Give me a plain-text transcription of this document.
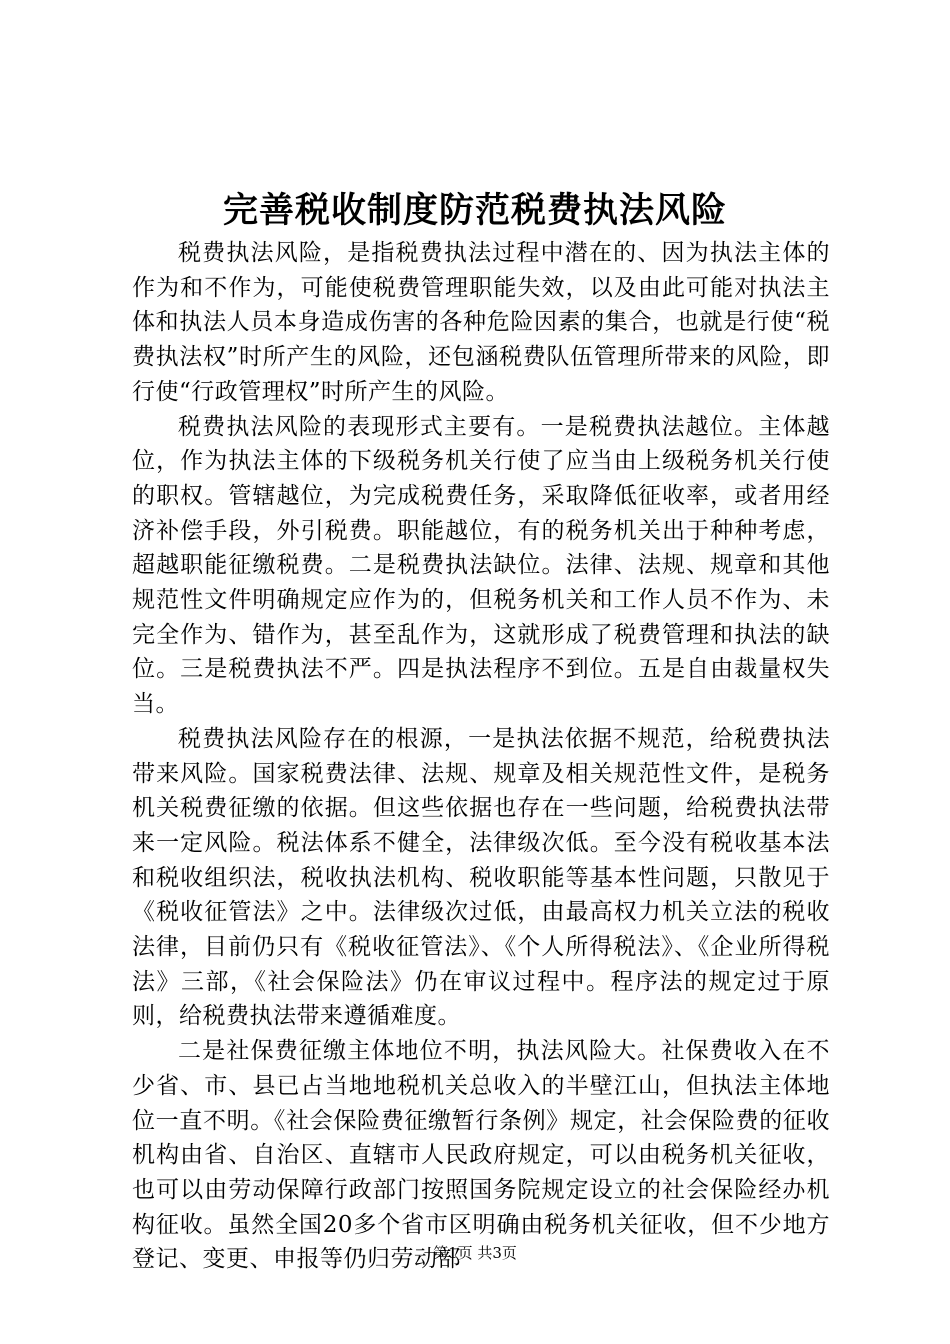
完善税收制度防范税费执法风险

税费执法风险，是指税费执法过程中潜在的、因为执法主体的作为和不作为，可能使税费管理职能失效，以及由此可能对执法主体和执法人员本身造成伤害的各种危险因素的集合，也就是行使“税费执法权”时所产生的风险，还包涵税费队伍管理所带来的风险，即行使“行政管理权”时所产生的风险。

税费执法风险的表现形式主要有。一是税费执法越位。主体越位，作为执法主体的下级税务机关行使了应当由上级税务机关行使的职权。管辖越位，为完成税费任务，采取降低征收率，或者用经济补偿手段，外引税费。职能越位，有的税务机关出于种种考虑，超越职能征缴税费。二是税费执法缺位。法律、法规、规章和其他规范性文件明确规定应作为的，但税务机关和工作人员不作为、未完全作为、错作为，甚至乱作为，这就形成了税费管理和执法的缺位。三是税费执法不严。四是执法程序不到位。五是自由裁量权失当。

税费执法风险存在的根源，一是执法依据不规范，给税费执法带来风险。国家税费法律、法规、规章及相关规范性文件，是税务机关税费征缴的依据。但这些依据也存在一些问题，给税费执法带来一定风险。税法体系不健全，法律级次低。至今没有税收基本法和税收组织法，税收执法机构、税收职能等基本性问题，只散见于《税收征管法》之中。法律级次过低，由最高权力机关立法的税收法律，目前仍只有《税收征管法》、《个人所得税法》、《企业所得税法》三部，《社会保险法》仍在审议过程中。程序法的规定过于原则，给税费执法带来遵循难度。

二是社保费征缴主体地位不明，执法风险大。社保费收入在不少省、市、县已占当地地税机关总收入的半壁江山，但执法主体地位一直不明。《社会保险费征缴暂行条例》规定，社会保险费的征收机构由省、自治区、直辖市人民政府规定，可以由税务机关征收，也可以由劳动保障行政部门按照国务院规定设立的社会保险经办机构征收。虽然全国20多个省市区明确由税务机关征收，但不少地方登记、变更、申报等仍归劳动部

第1页 共3页
